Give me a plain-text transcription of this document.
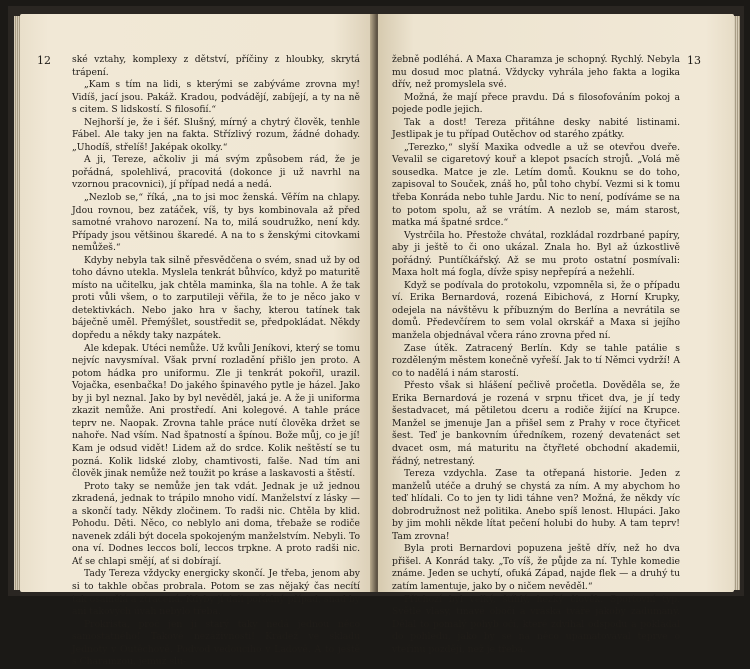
12 ské vztahy, komplexy z dětství, příčiny z hloubky, skrytá trápení.

„Kam s tím na lidi, s kterými se zabýváme zrovna my! Vidíš, jací jsou. Pakáž. Kradou, podvádějí, zabíjejí, a ty na ně s citem. S lidskostí. S filosofií.“

Nejhorší je, že i šéf. Slušný, mírný a chytrý člověk, tenhle Fábel. Ale taky jen na fakta. Střízlivý rozum, žádné dohady. „Uhodíš, střelíš! Jaképak okolky.“

A ji, Tereze, ačkoliv ji má svým způsobem rád, že je pořádná, spolehlivá, pracovitá (dokonce ji už navrhl na vzornou pracovnici), jí případ nedá a nedá.

„Nezlob se,“ říká, „na to jsi moc ženská. Věřím na chlapy. Jdou rovnou, bez zatáček, víš, ty bys kombinovala až před samotné vrahovo narození. Na to, milá soudružko, není kdy. Případy jsou většinou škaredé. A na to s ženskými citovkami nemůžeš.“

Kdyby nebyla tak silně přesvědčena o svém, snad už by od toho dávno utekla. Myslela tenkrát bůhvíco, když po maturitě místo na učitelku, jak chtěla maminka, šla na tohle. A že tak proti vůli všem, o to zarputileji věřila, že to je něco jako v detektivkách. Nebo jako hra v šachy, kterou tatínek tak báječně uměl. Přemýšlet, soustředit se, předpokládat. Někdy dopředu a někdy taky nazpátek.

Ale kdepak. Utéci nemůže. Už kvůli Jeníkovi, který se tomu nejvíc navysmíval. Však první rozladění přišlo jen proto. A potom hádka pro uniformu. Zle ji tenkrát pokořil, urazil. Vojačka, esenbačka! Do jakého špinavého pytle je házel. Jako by ji byl neznal. Jako by byl nevěděl, jaká je. A že ji uniforma zkazit nemůže. Ani prostředí. Ani kolegové. A tahle práce teprv ne. Naopak. Zrovna tahle práce nutí člověka držet se nahoře. Nad vším. Nad špatností a špínou. Bože můj, co je jí! Kam je odsud vidět! Lidem až do srdce. Kolik neštěstí se tu pozná. Kolik lidské zloby, chamtivosti, falše. Nad tím ani člověk jinak nemůže než toužit po kráse a laskavosti a štěstí.

Proto taky se nemůže jen tak vdát. Jednak je už jednou zkradená, jednak to trápilo mnoho vidí. Manželství z lásky — a skončí tady. Někdy zločinem. To radši nic. Chtěla by klid. Pohodu. Děti. Něco, co neblylo ani doma, třebaže se rodiče navenek zdáli být docela spokojeným manželstvím. Nebyli. To ona ví. Dodnes leccos bolí, leccos trpkne. A proto radši nic. Ať se chlapi smějí, ať si dobírají.

Tady Tereza vždycky energicky skončí. Je třeba, jenom aby si to takhle občas probrala. Potom se zas nějaký čas necítí tak osamělá a ztracená. Kdyby jí dali pořádný případ, snad by ani takových úvah nebylo třeba.

Prokrista, proč jen ji starý taky nedá jednou něco samostatného! Takové nezáživnosti! Krádež ve skladu Jednoty v Outěchově. Podvod vedoucího v Ladově. A to ještě s Charamzou, jemuž slu-

13

žebně podléhá. A Maxa Charamza je schopný. Rychlý. Nebyla mu dosud moc platná. Vždycky vyhrála jeho fakta a logika dřív, než promyslela své.

Možná, že mají přece pravdu. Dá s filosofováním pokoj a pojede podle jejich.

Tak a dost! Tereza přitáhne desky nabité listinami. Jestlipak je tu případ Outěchov od starého zpátky.

„Terezko,“ slyší Maxika odvedle a už se otevřou dveře. Vevalil se cigaretový kouř a klepot psacích strojů. „Volá mě sousedka. Matce je zle. Letím domů. Kouknu se do toho, zapisoval to Souček, znáš ho, půl toho chybí. Vezmi si k tomu třeba Konráda nebo tuhle Jardu. Nic to není, podíváme se na to potom spolu, až se vrátím. A nezlob se, mám starost, matka má špatné srdce.“

Vystrčila ho. Přestože chvátal, rozkládal rozdrbané papíry, aby ji ještě to či ono ukázal. Znala ho. Byl až úzkostlivě pořádný. Puntíčkářský. Až se mu proto ostatní posmívali: Maxa holt má fogla, dívže spisy nepřepírá a nežehlí.

Když se podívala do protokolu, vzpomněla si, že o případu ví. Erika Bernardová, rozená Eibichová, z Horní Krupky, odejela na návštěvu k příbuzným do Berlína a nevrátila se domů. Předevčírem to sem volal okrskář a Maxa si jejího manžela objednával včera ráno zrovna před ní.

Zase útěk. Zatracený Berlín. Kdy se tahle patálie s rozděleným městem konečně vyřeší. Jak to tí Němci vydrží! A co to nadělá i nám starostí.

Přesto však si hlášení pečlivě pročetla. Dověděla se, že Erika Bernardová je rozená v srpnu třicet dva, je jí tedy šestadvacet, má pětiletou dceru a rodiče žijící na Krupce. Manžel se jmenuje Jan a přišel sem z Prahy v roce čtyřicet šest. Teď je bankovním úředníkem, rozený devatenáct set dvacet osm, má maturitu na čtyřleté obchodní akademii, řádný, netrestaný.

Tereza vzdychla. Zase ta otřepaná historie. Jeden z manželů utéče a druhý se chystá za ním. A my abychom ho teď hlídali. Co to jen ty lidi táhne ven? Možná, že někdy víc dobrodružnost než politika. Anebo spíš lenost. Hlupáci. Jako by jim mohli někde lítat pečení holubi do huby. A tam teprv! Tam zrovna!

Byla proti Bernardovi popuzena ještě dřív, než ho dva přišel. A Konrád taky. „To víš, že půjde za ní. Tyhle komedie známe. Jeden se uchytí, ofuká Západ, najde flek — a druhý tu zatím lamentuje, jako by o ničem nevěděl.“

Přichozí byl velký, štíhlý, hezký člověk. Sportovní typ. Světlé vlasy, tmavé obočí a vráska tváře jakoby zadumaný. Dělal to pomalý pohyb očí, které zdvihal odspodu a pokládal do pohledu, jako by se na něco upamatovával teprve o vteřinu později, než je třeba.
